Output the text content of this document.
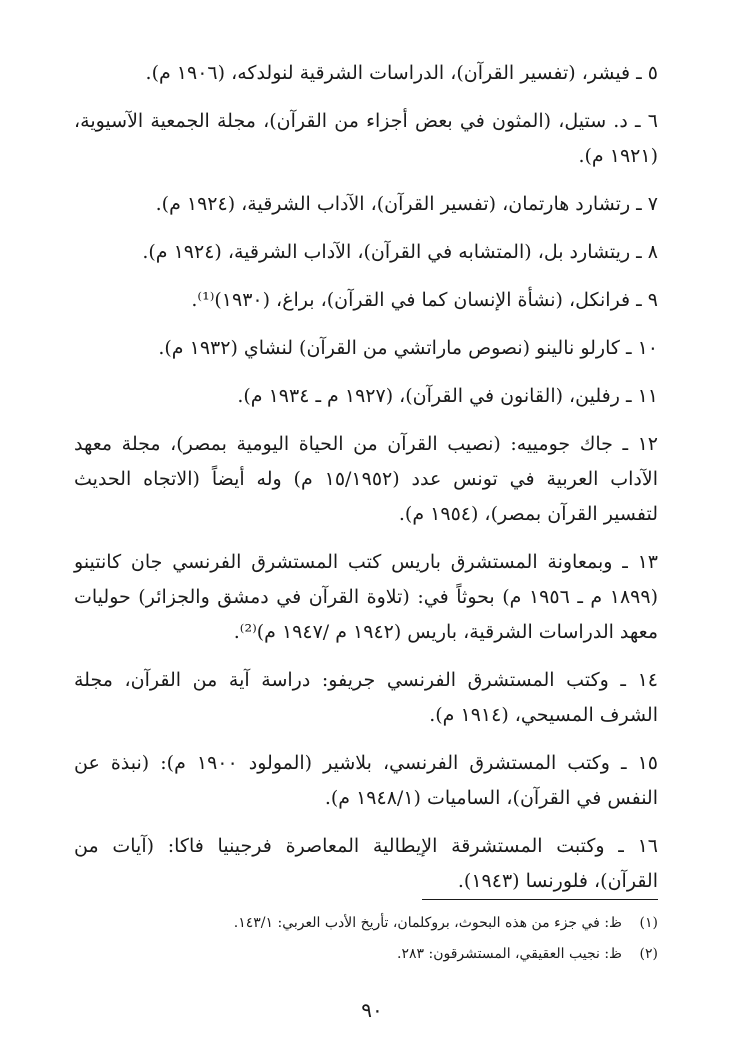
٥ ـ فيشر، (تفسير القرآن)، الدراسات الشرقية لنولدكه، (١٩٠٦ م).

٦ ـ د. ستيل، (المثون في بعض أجزاء من القرآن)، مجلة الجمعية الآسيوية، (١٩٢١ م).

٧ ـ رتشارد هارتمان، (تفسير القرآن)، الآداب الشرقية، (١٩٢٤ م).

٨ ـ ريتشارد بل، (المتشابه في القرآن)، الآداب الشرقية، (١٩٢٤ م).

٩ ـ فرانكل، (نشأة الإنسان كما في القرآن)، براغ، (١٩٣٠)⁽¹⁾.

١٠ ـ كارلو نالينو (نصوص ماراتشي من القرآن) لنشاي (١٩٣٢ م).

١١ ـ رفلين، (القانون في القرآن)، (١٩٢٧ م ـ ١٩٣٤ م).

١٢ ـ جاك جومييه: (نصيب القرآن من الحياة اليومية بمصر)، مجلة معهد الآداب العربية في تونس عدد (١٥/١٩٥٢ م) وله أيضاً (الاتجاه الحديث لتفسير القرآن بمصر)، (١٩٥٤ م).

١٣ ـ وبمعاونة المستشرق باريس كتب المستشرق الفرنسي جان كانتينو (١٨٩٩ م ـ ١٩٥٦ م) بحوثاً في: (تلاوة القرآن في دمشق والجزائر) حوليات معهد الدراسات الشرقية، باريس (١٩٤٢ م /١٩٤٧ م)⁽²⁾.

١٤ ـ وكتب المستشرق الفرنسي جريفو: دراسة آية من القرآن، مجلة الشرف المسيحي، (١٩١٤ م).

١٥ ـ وكتب المستشرق الفرنسي، بلاشير (المولود ١٩٠٠ م): (نبذة عن النفس في القرآن)، الساميات (١٩٤٨/١ م).

١٦ ـ وكتبت المستشرقة الإيطالية المعاصرة فرجينيا فاكا: (آيات من القرآن)، فلورنسا (١٩٤٣).

(١)ظ: في جزء من هذه البحوث، بروكلمان، تأريخ الأدب العربي: ١٤٣/١.
(٢)ظ: نجيب العقيقي، المستشرقون: ٢٨٣.
٩٠
